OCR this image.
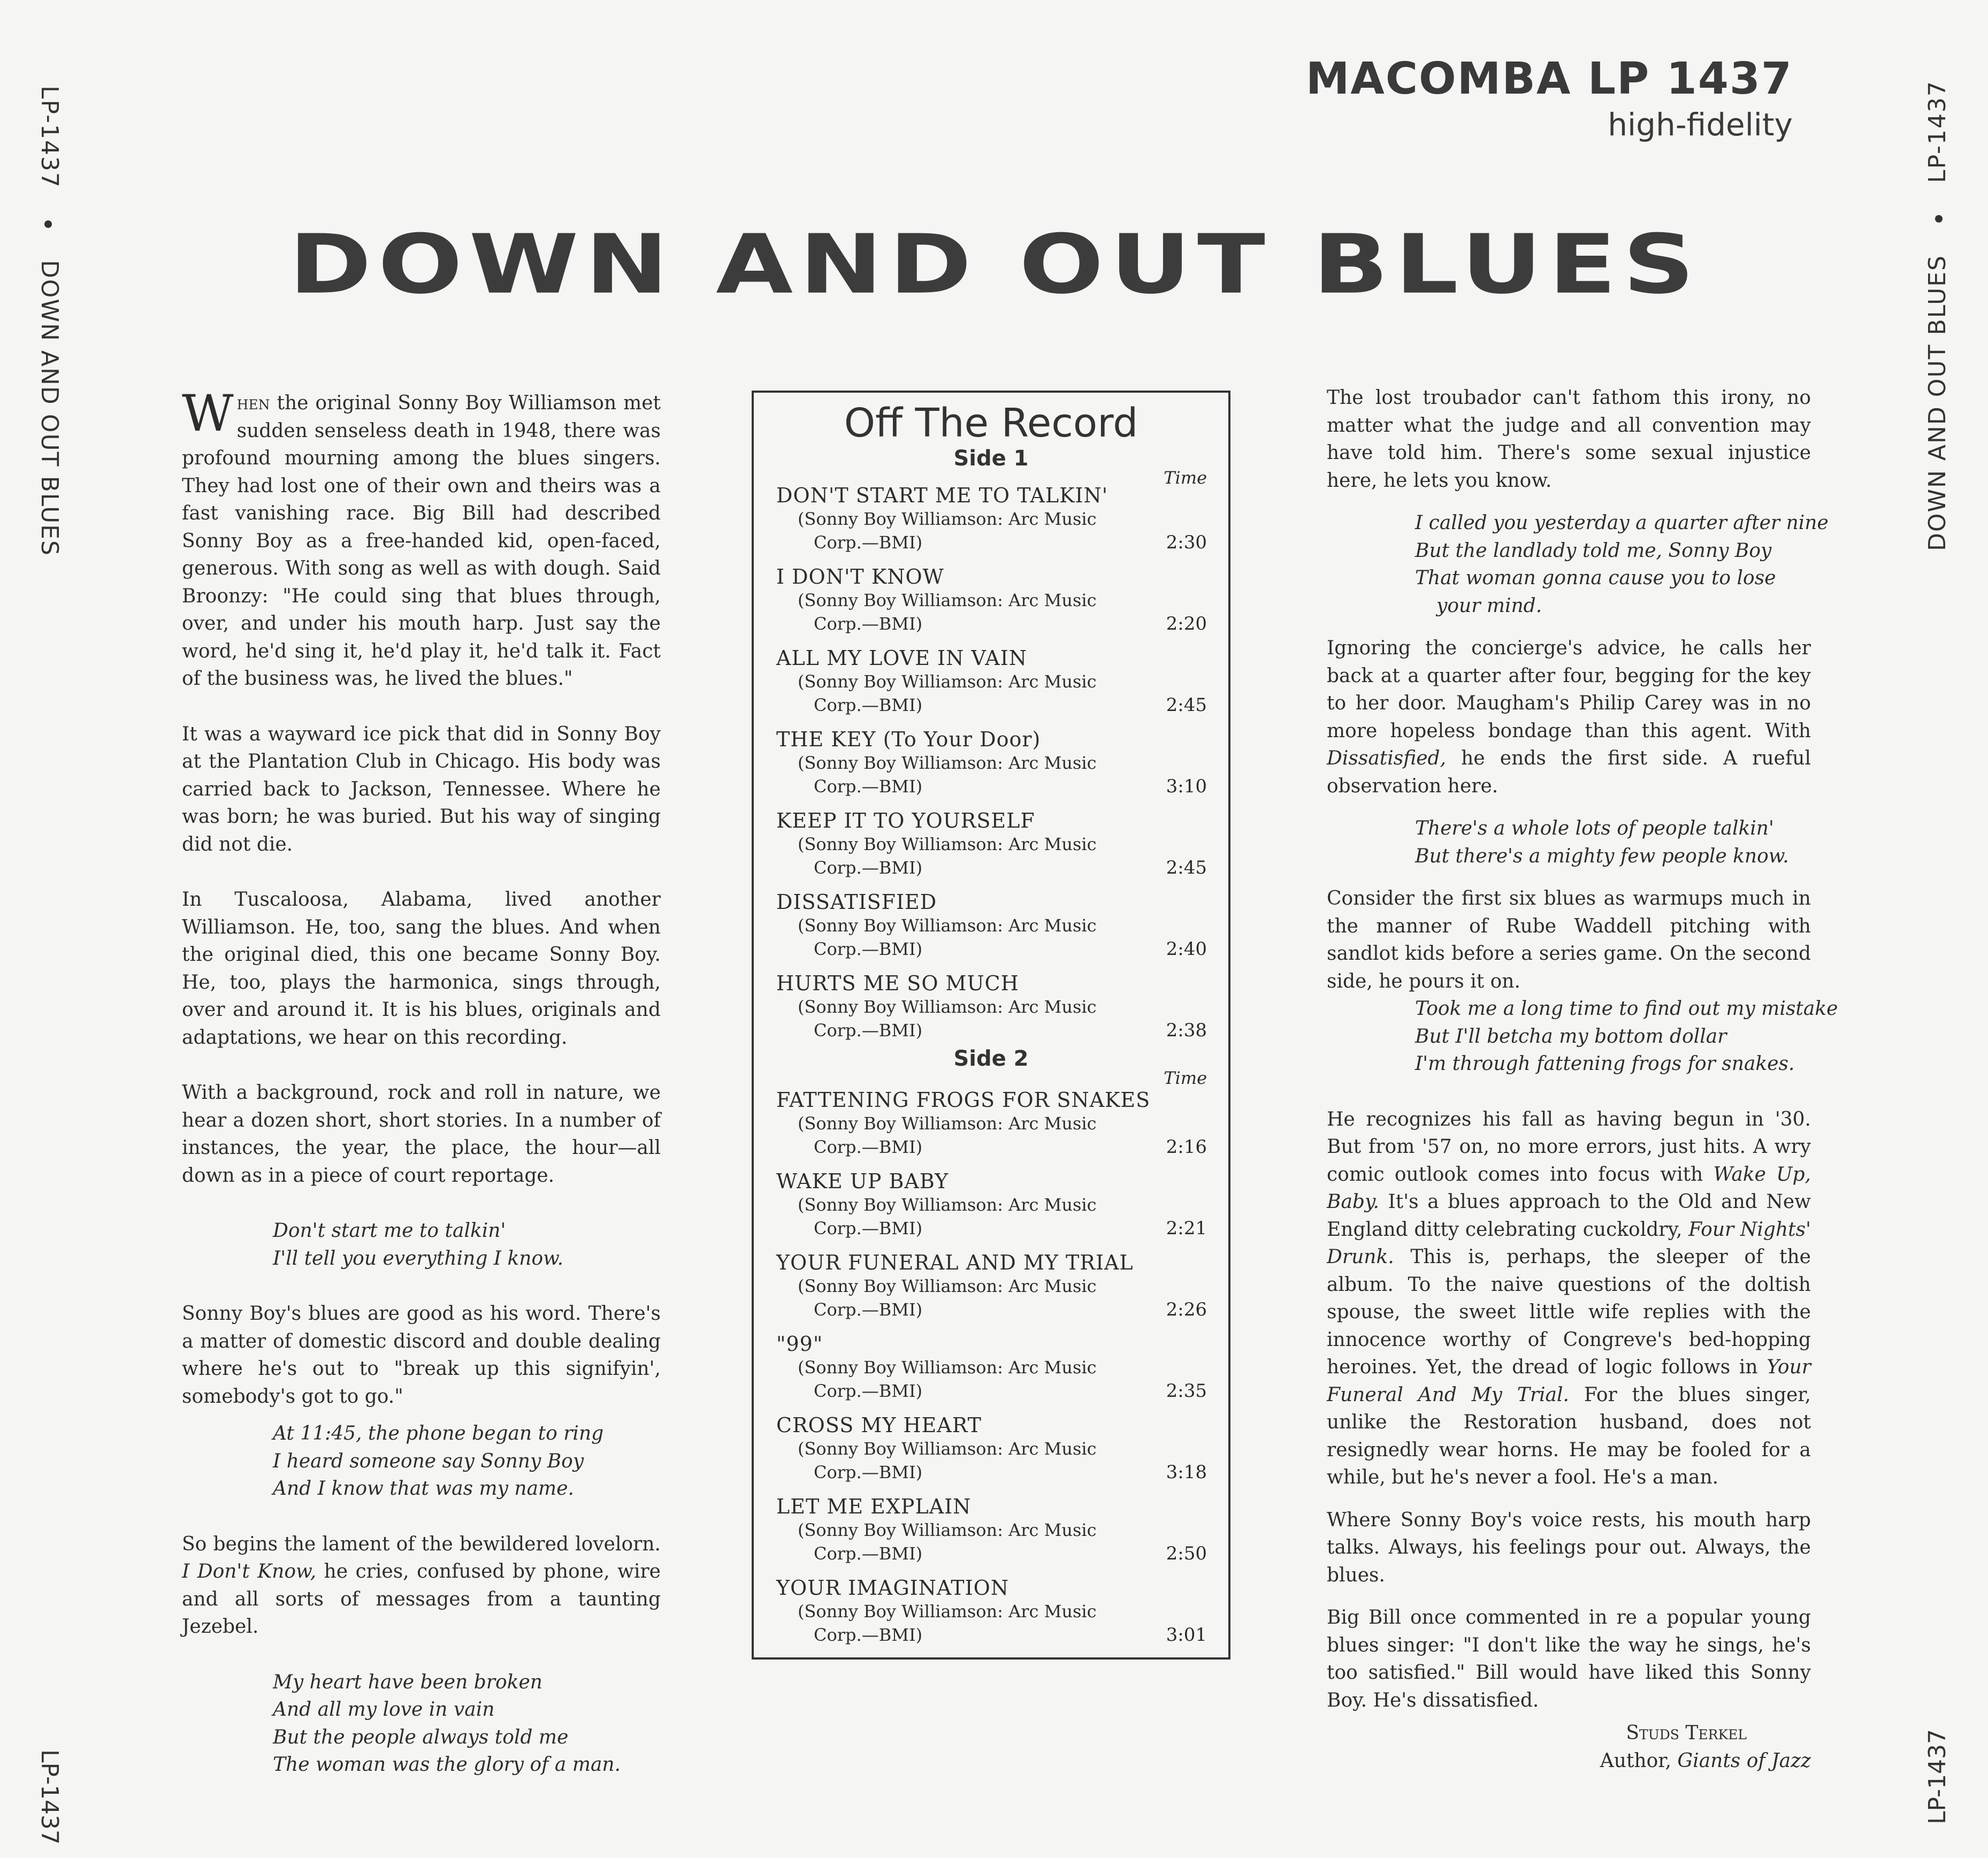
LP-1437DOWN AND OUT BLUES
LP-1437
DOWN AND OUT BLUESLP-1437
LP-1437
MACOMBA LP 1437
high-fidelity
DOWN AND OUT BLUES

When the original Sonny Boy Williamson met sudden senseless death in 1948, there was profound mourning among the blues singers. They had lost one of their own and theirs was a fast vanishing race. Big Bill had described Sonny Boy as a free-handed kid, open-faced, generous. With song as well as with dough. Said Broonzy: "He could sing that blues through, over, and under his mouth harp. Just say the word, he'd sing it, he'd play it, he'd talk it. Fact of the business was, he lived the blues."

It was a wayward ice pick that did in Sonny Boy at the Plantation Club in Chicago. His body was carried back to Jackson, Tennessee. Where he was born; he was buried. But his way of singing did not die.

In Tuscaloosa, Alabama, lived another Williamson. He, too, sang the blues. And when the original died, this one became Sonny Boy. He, too, plays the harmonica, sings through, over and around it. It is his blues, originals and adaptations, we hear on this recording.

With a background, rock and roll in nature, we hear a dozen short, short stories. In a number of instances, the year, the place, the hour—all down as in a piece of court reportage.

Don't start me to talkin'
I'll tell you everything I know.

Sonny Boy's blues are good as his word. There's a matter of domestic discord and double dealing where he's out to "break up this signifyin', somebody's got to go."

At 11:45, the phone began to ring
I heard someone say Sonny Boy
And I know that was my name.

So begins the lament of the bewildered lovelorn. I Don't Know, he cries, confused by phone, wire and all sorts of messages from a taunting Jezebel.

My heart have been broken
And all my love in vain
But the people always told me
The woman was the glory of a man.
Off The Record
Side 1
Time
Side 2
Time
DON'T START ME TO TALKIN'
(Sonny Boy Williamson: Arc Music
Corp.—BMI)	2:30
I DON'T KNOW
(Sonny Boy Williamson: Arc Music
Corp.—BMI)	2:20
ALL MY LOVE IN VAIN
(Sonny Boy Williamson: Arc Music
Corp.—BMI)	2:45
THE KEY (To Your Door)
(Sonny Boy Williamson: Arc Music
Corp.—BMI)	3:10
KEEP IT TO YOURSELF
(Sonny Boy Williamson: Arc Music
Corp.—BMI)	2:45
DISSATISFIED
(Sonny Boy Williamson: Arc Music
Corp.—BMI)	2:40
HURTS ME SO MUCH
(Sonny Boy Williamson: Arc Music
Corp.—BMI)	2:38
FATTENING FROGS FOR SNAKES
(Sonny Boy Williamson: Arc Music
Corp.—BMI)	2:16
WAKE UP BABY
(Sonny Boy Williamson: Arc Music
Corp.—BMI)	2:21
YOUR FUNERAL AND MY TRIAL
(Sonny Boy Williamson: Arc Music
Corp.—BMI)	2:26
"99"
(Sonny Boy Williamson: Arc Music
Corp.—BMI)	2:35
CROSS MY HEART
(Sonny Boy Williamson: Arc Music
Corp.—BMI)	3:18
LET ME EXPLAIN
(Sonny Boy Williamson: Arc Music
Corp.—BMI)	2:50
YOUR IMAGINATION
(Sonny Boy Williamson: Arc Music
Corp.—BMI)	3:01

The lost troubador can't fathom this irony, no matter what the judge and all convention may have told him. There's some sexual injustice here, he lets you know.

I called you yesterday a quarter after nine
But the landlady told me, Sonny Boy
That woman gonna cause you to lose
your mind.

Ignoring the concierge's advice, he calls her back at a quarter after four, begging for the key to her door. Maugham's Philip Carey was in no more hopeless bondage than this agent. With Dissatisfied, he ends the first side. A rueful observation here.

There's a whole lots of people talkin'
But there's a mighty few people know.

Consider the first six blues as warmups much in the manner of Rube Waddell pitching with sandlot kids before a series game. On the second side, he pours it on.

Took me a long time to find out my mistake
But I'll betcha my bottom dollar
I'm through fattening frogs for snakes.

He recognizes his fall as having begun in '30. But from '57 on, no more errors, just hits. A wry comic outlook comes into focus with Wake Up, Baby. It's a blues approach to the Old and New England ditty celebrating cuckoldry, Four Nights' Drunk. This is, perhaps, the sleeper of the album. To the naive questions of the doltish spouse, the sweet little wife replies with the innocence worthy of Congreve's bed-hopping heroines. Yet, the dread of logic follows in Your Funeral And My Trial. For the blues singer, unlike the Restoration husband, does not resignedly wear horns. He may be fooled for a while, but he's never a fool. He's a man.

Where Sonny Boy's voice rests, his mouth harp talks. Always, his feelings pour out. Always, the blues.

Big Bill once commented in re a popular young blues singer: "I don't like the way he sings, he's too satisfied." Bill would have liked this Sonny Boy. He's dissatisfied.

Studs Terkel
Author, Giants of Jazz
